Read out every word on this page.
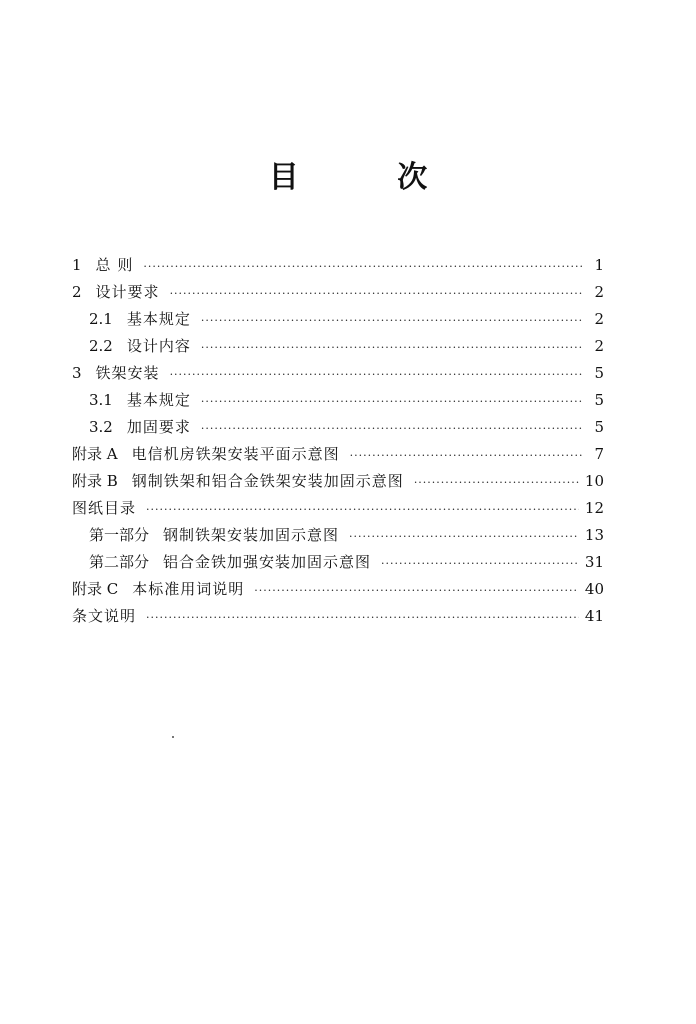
目 次
1 总 则 ·····	1
2 设计要求 ·····	2
2.1 基本规定 ·····	2
2.2 设计内容 ·····	2
3 铁架安装 ·····	5
3.1 基本规定 ·····	5
3.2 加固要求 ·····	5
附录 A 电信机房铁架安装平面示意图 ·····	7
附录 B 钢制铁架和铝合金铁架安装加固示意图 ·····	10
图纸目录 ·····	12
第一部分 钢制铁架安装加固示意图 ·····	13
第二部分 铝合金铁加强安装加固示意图 ·····	31
附录 C 本标准用词说明 ·····	40
条文说明 ·····	41
